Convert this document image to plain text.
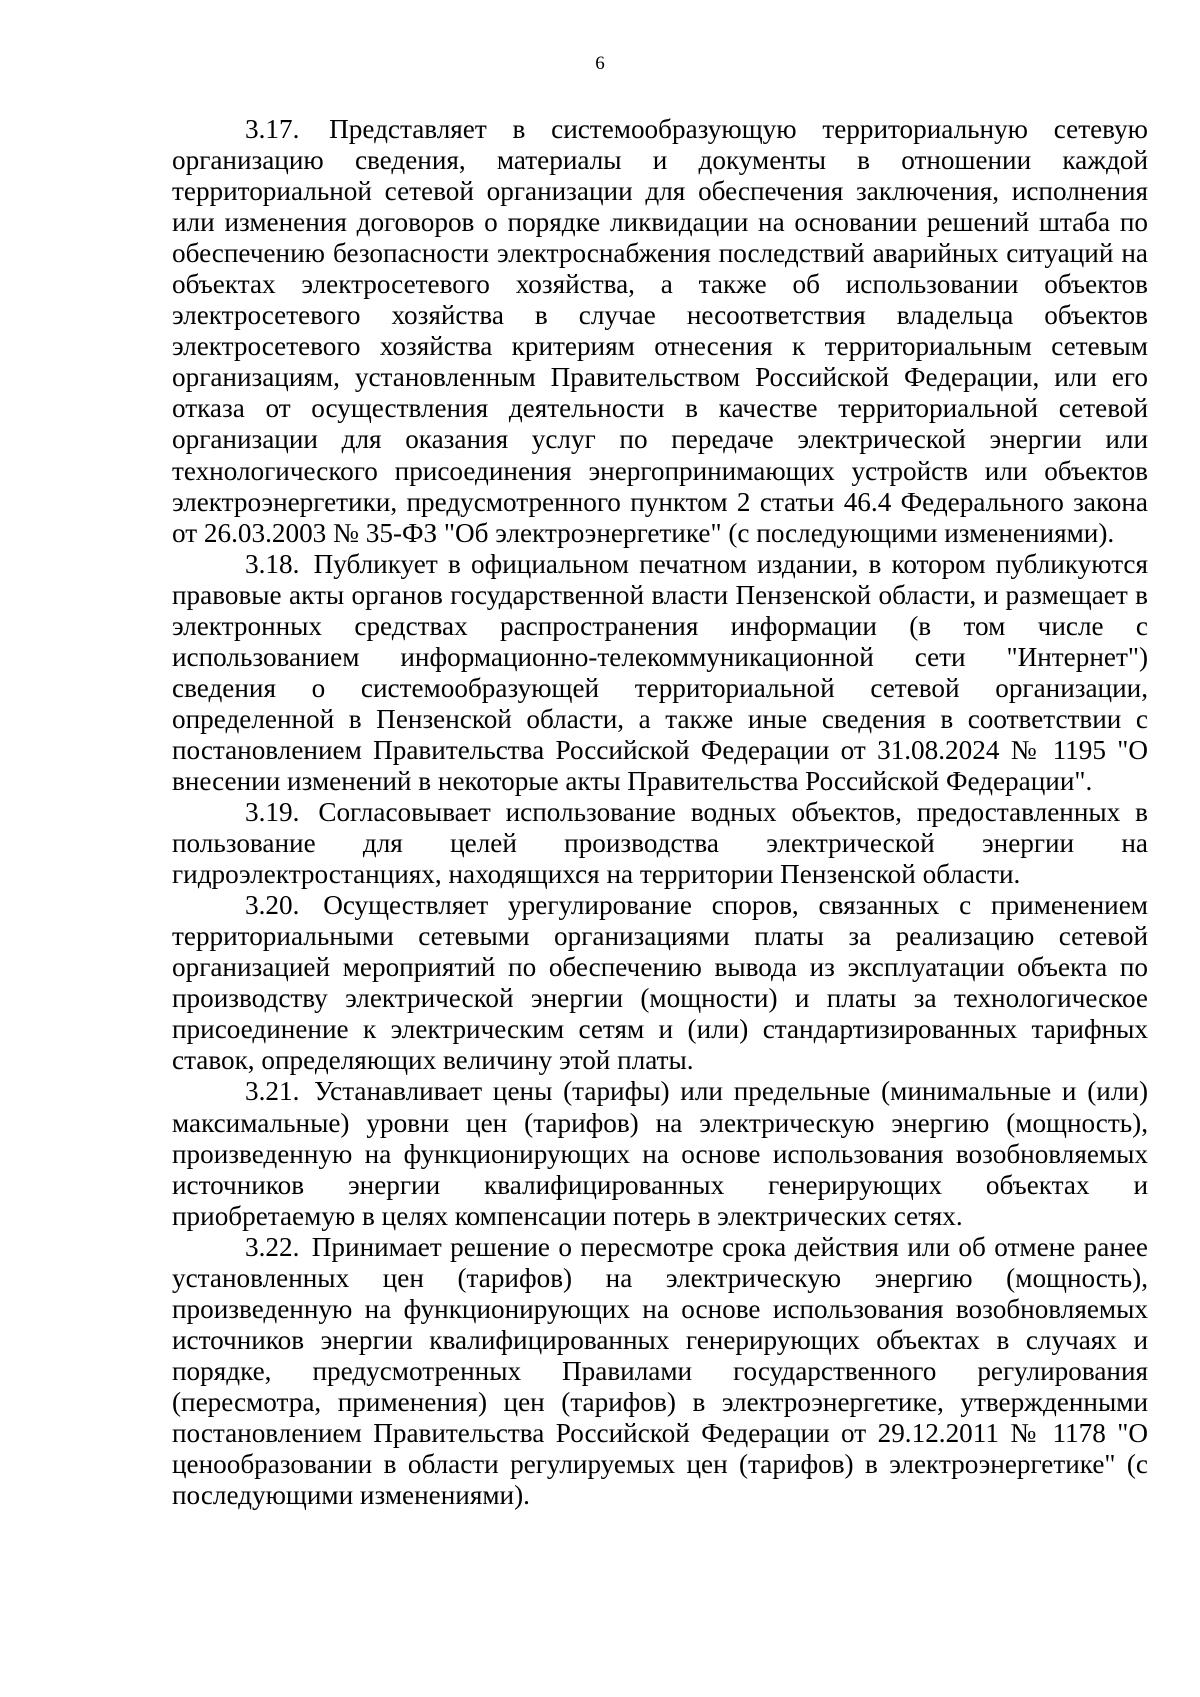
6

3.17. Представляет в системообразующую территориальную сетевую организацию сведения, материалы и документы в отношении каждой территориальной сетевой организации для обеспечения заключения, исполнения или изменения договоров о порядке ликвидации на основании решений штаба по обеспечению безопасности электроснабжения последствий аварийных ситуаций на объектах электросетевого хозяйства, а также об использовании объектов электросетевого хозяйства в случае несоответствия владельца объектов электросетевого хозяйства критериям отнесения к территориальным сетевым организациям, установленным Правительством Российской Федерации, или его отказа от осуществления деятельности в качестве территориальной сетевой организации для оказания услуг по передаче электрической энергии или технологического присоединения энергопринимающих устройств или объектов электроэнергетики, предусмотренного пунктом 2 статьи 46.4 Федерального закона от 26.03.2003 № 35-ФЗ "Об электроэнергетике" (с последующими изменениями).

3.18. Публикует в официальном печатном издании, в котором публикуются правовые акты органов государственной власти Пензенской области, и размещает в электронных средствах распространения информации (в том числе с использованием информационно-телекоммуникационной сети "Интернет") сведения о системообразующей территориальной сетевой организации, определенной в Пензенской области, а также иные сведения в соответствии с постановлением Правительства Российской Федерации от 31.08.2024 № 1195 "О внесении изменений в некоторые акты Правительства Российской Федерации".

3.19. Согласовывает использование водных объектов, предоставленных в пользование для целей производства электрической энергии на гидроэлектростанциях, находящихся на территории Пензенской области.

3.20. Осуществляет урегулирование споров, связанных с применением территориальными сетевыми организациями платы за реализацию сетевой организацией мероприятий по обеспечению вывода из эксплуатации объекта по производству электрической энергии (мощности) и платы за технологическое присоединение к электрическим сетям и (или) стандартизированных тарифных ставок, определяющих величину этой платы.

3.21. Устанавливает цены (тарифы) или предельные (минимальные и (или) максимальные) уровни цен (тарифов) на электрическую энергию (мощность), произведенную на функционирующих на основе использования возобновляемых источников энергии квалифицированных генерирующих объектах и приобретаемую в целях компенсации потерь в электрических сетях.

3.22. Принимает решение о пересмотре срока действия или об отмене ранее установленных цен (тарифов) на электрическую энергию (мощность), произведенную на функционирующих на основе использования возобновляемых источников энергии квалифицированных генерирующих объектах в случаях и порядке, предусмотренных Правилами государственного регулирования (пересмотра, применения) цен (тарифов) в электроэнергетике, утвержденными постановлением Правительства Российской Федерации от 29.12.2011 № 1178 "О ценообразовании в области регулируемых цен (тарифов) в электроэнергетике" (с последующими изменениями).
